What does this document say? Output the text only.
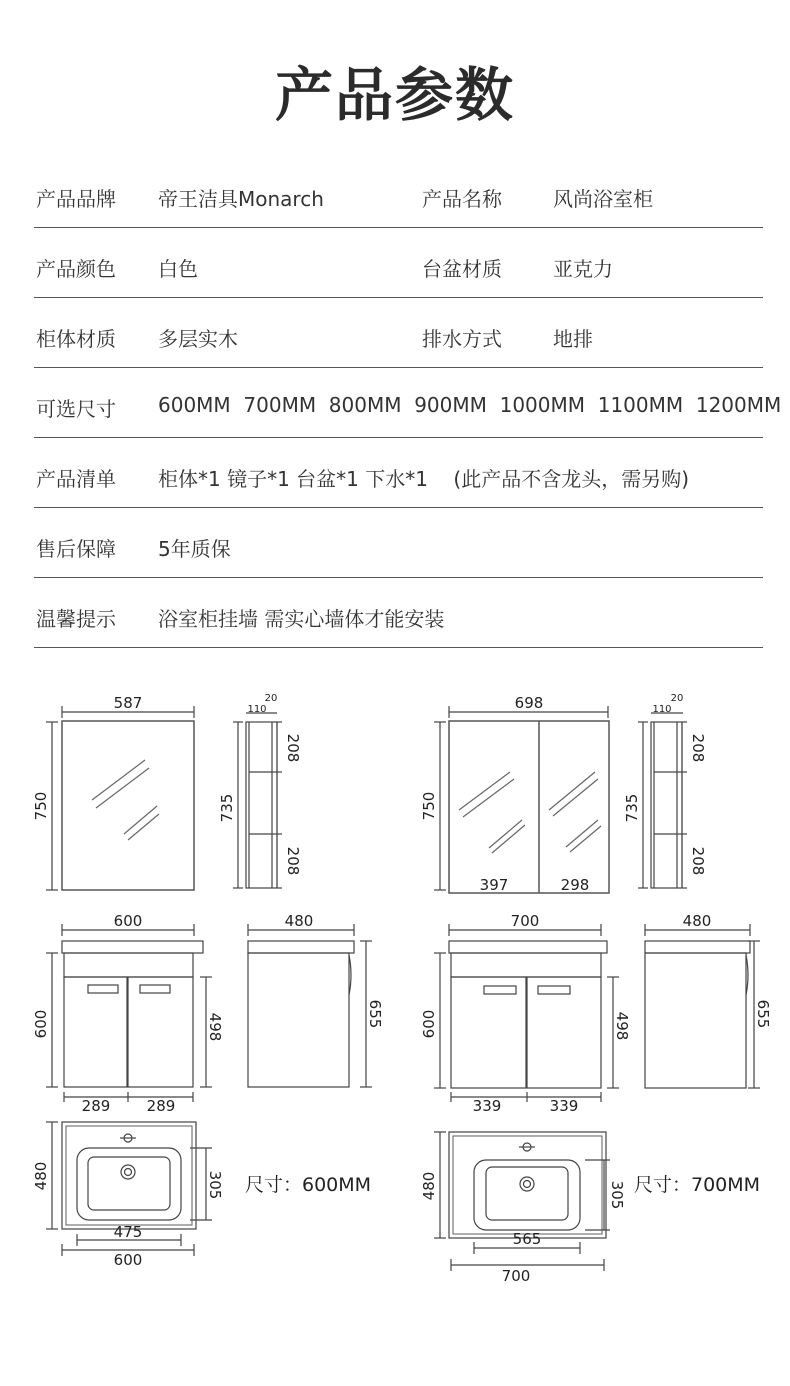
产品参数
产品品牌 帝王洁具Monarch	产品名称	风尚浴室柜
产品颜色 白色	台盆材质	亚克力
柜体材质 多层实木	排水方式	地排
可选尺寸 600MM  700MM  800MM  900MM  1000MM  1100MM  1200MM
产品清单 柜体*1 镜子*1 台盆*1 下水*1    (此产品不含龙头，需另购)
售后保障 5年质保
温馨提示 浴室柜挂墙 需实心墙体才能安装
587
750
110
20
735
208
208
600
600	498
289 289
480
655
480	305
475
600
尺寸：600MM
698
750
397	298
110
20
735
208
208
700
600	498
339	339
480
655
480	305
565
700
尺寸：700MM
